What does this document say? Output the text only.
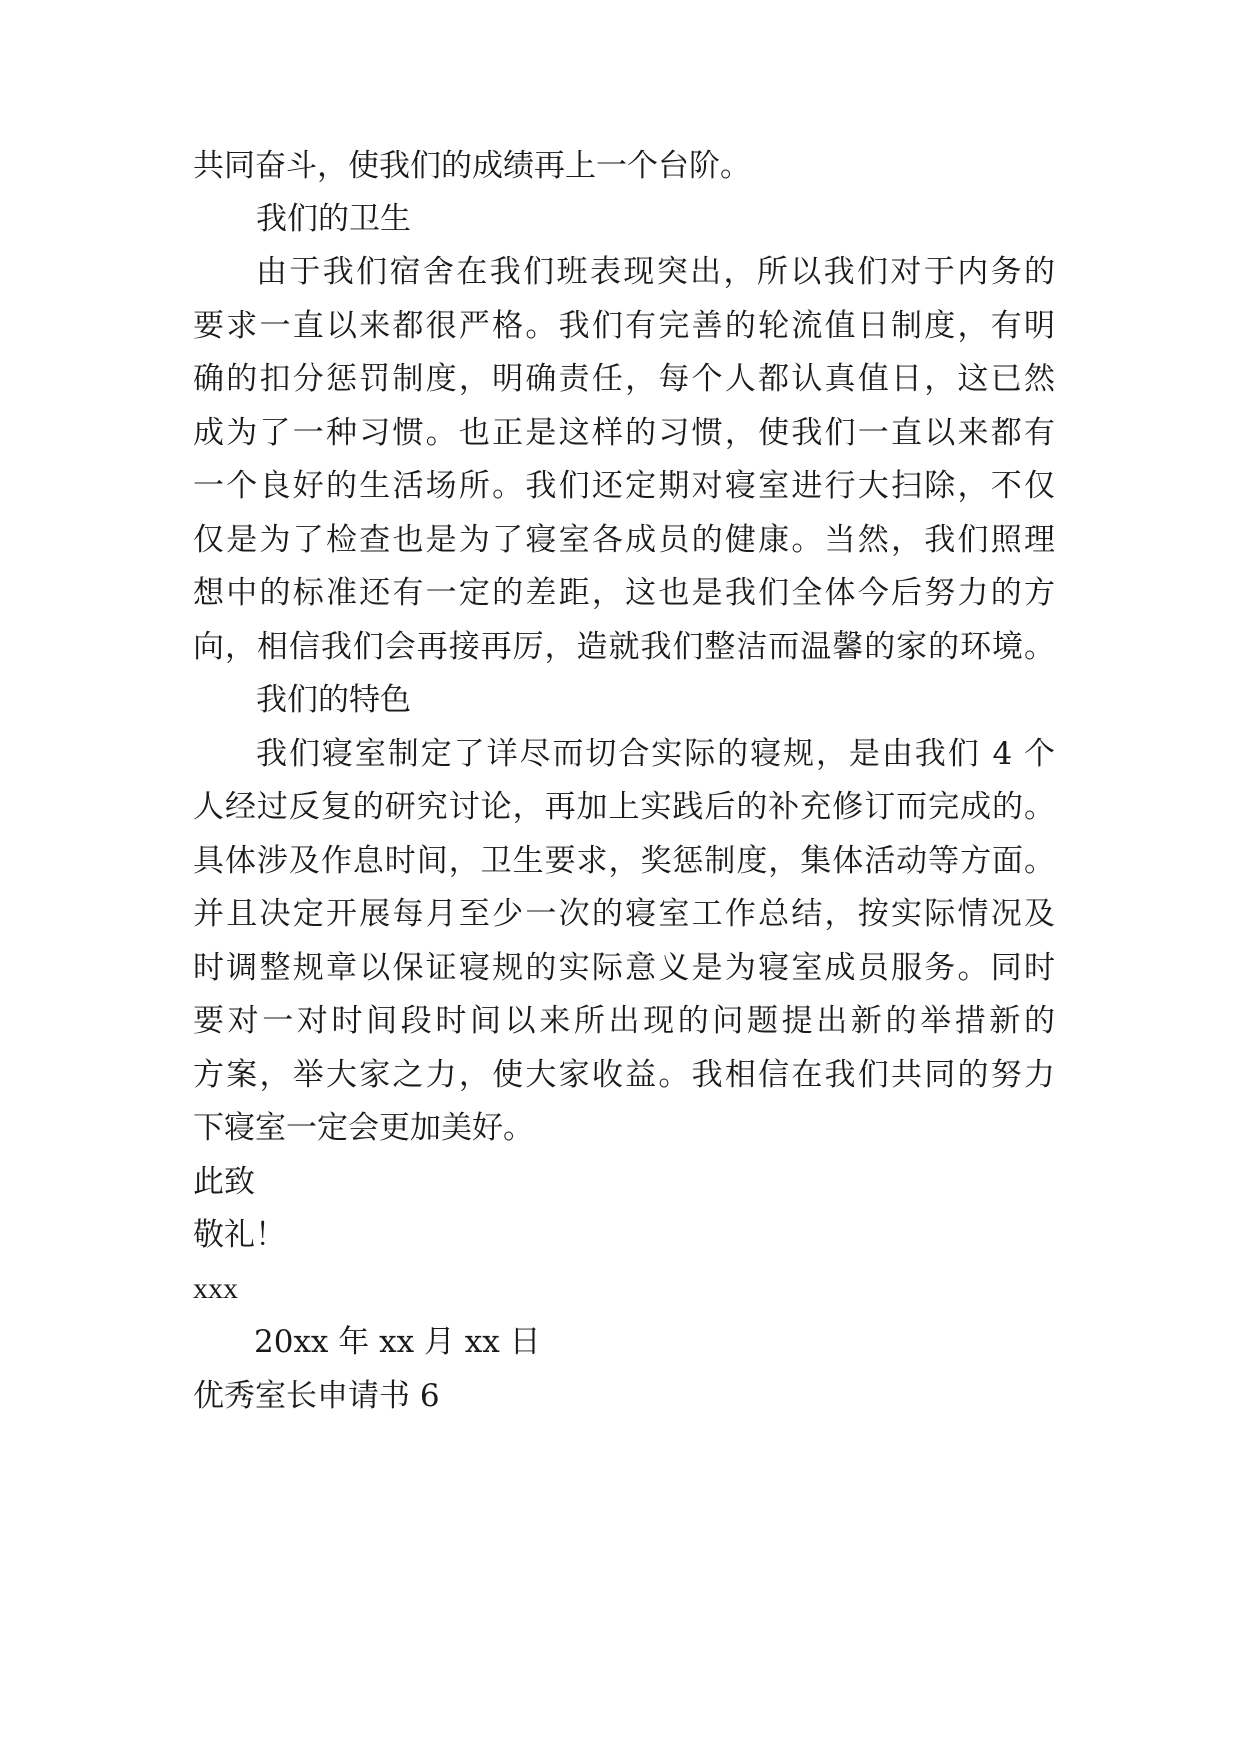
共同奋斗，使我们的成绩再上一个台阶。
我们的卫生
由于我们宿舍在我们班表现突出，所以我们对于内务的
要求一直以来都很严格。我们有完善的轮流值日制度，有明
确的扣分惩罚制度，明确责任，每个人都认真值日，这已然
成为了一种习惯。也正是这样的习惯，使我们一直以来都有
一个良好的生活场所。我们还定期对寝室进行大扫除，不仅
仅是为了检查也是为了寝室各成员的健康。当然，我们照理
想中的标准还有一定的差距，这也是我们全体今后努力的方
向，相信我们会再接再厉，造就我们整洁而温馨的家的环境。
我们的特色
我们寝室制定了详尽而切合实际的寝规，是由我们 4 个
人经过反复的研究讨论，再加上实践后的补充修订而完成的。
具体涉及作息时间，卫生要求，奖惩制度，集体活动等方面。
并且决定开展每月至少一次的寝室工作总结，按实际情况及
时调整规章以保证寝规的实际意义是为寝室成员服务。同时
要对一对时间段时间以来所出现的问题提出新的举措新的
方案，举大家之力，使大家收益。我相信在我们共同的努力
下寝室一定会更加美好。
此致
敬礼！
xxx
20xx 年 xx 月 xx 日
优秀室长申请书 6
